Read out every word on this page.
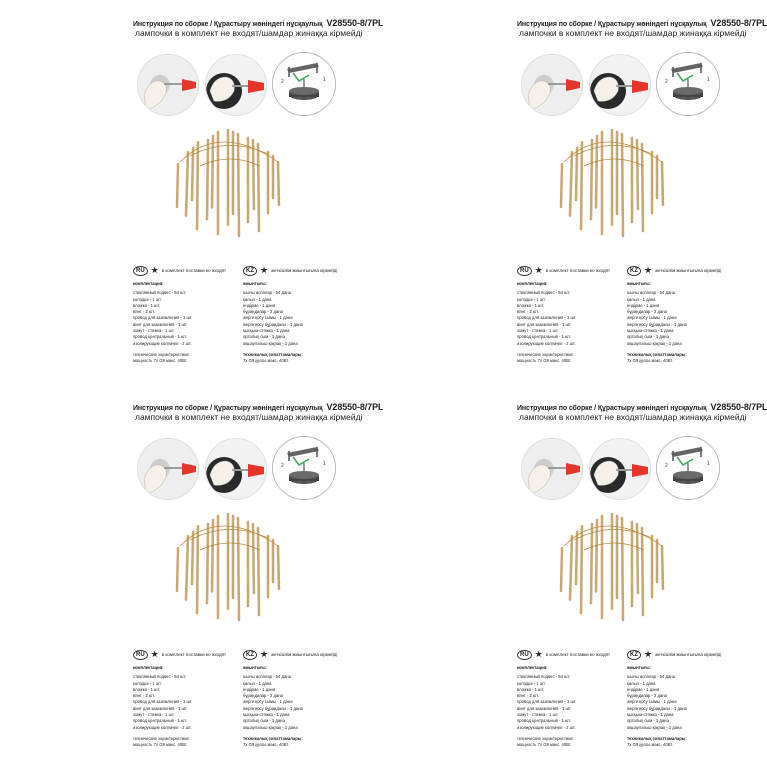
Инструкция по сборке / Құрастыру жөніндегі нұсқаулық V28550-8/7PL
лампочки в комплект не входят/шамдар жинаққа кірмейді
2	1
RU ★ в комплект поставки не входят	KZ ★ жеткізілім жиынтығына кірмейді
комплектация:
стеклянный подвес - 54 шт.
колодка - 1 шт.
вложка - 1 шт.
винт - 2 шт.
провод для заземления - 1 шт.
винт для заземления - 1 шт.
хомут - стяжка - 1 шт.
провод центральный - 1 шт.
изолирующие колпачки - 2 шт.
технические характеристики:
мощность 7х G9 макс. 40Вт.
жиынтығы:
шыны аспалар - 54 дана
қалып - 1 дана
ендірме - 1 дана
бұрандалар - 2 дана
жерге қосу сымы - 1 дана
жерге қосу бұрандасы - 1 дана
қысқыш-стяжка - 1 дана
орталық сым - 1 дана
оқшаулағыш қақпақ - 2 дана
техникалық сипаттамалары:
7х G9 қуаты макс. 40Вт.
Инструкция по сборке / Құрастыру жөніндегі нұсқаулық V28550-8/7PL
лампочки в комплект не входят/шамдар жинаққа кірмейді
2	1
RU ★ в комплект поставки не входят	KZ ★ жеткізілім жиынтығына кірмейді
комплектация:
стеклянный подвес - 54 шт.
колодка - 1 шт.
вложка - 1 шт.
винт - 2 шт.
провод для заземления - 1 шт.
винт для заземления - 1 шт.
хомут - стяжка - 1 шт.
провод центральный - 1 шт.
изолирующие колпачки - 2 шт.
технические характеристики:
мощность 7х G9 макс. 40Вт.
жиынтығы:
шыны аспалар - 54 дана
қалып - 1 дана
ендірме - 1 дана
бұрандалар - 2 дана
жерге қосу сымы - 1 дана
жерге қосу бұрандасы - 1 дана
қысқыш-стяжка - 1 дана
орталық сым - 1 дана
оқшаулағыш қақпақ - 2 дана
техникалық сипаттамалары:
7х G9 қуаты макс. 40Вт.
Инструкция по сборке / Құрастыру жөніндегі нұсқаулық V28550-8/7PL
лампочки в комплект не входят/шамдар жинаққа кірмейді
2	1
RU ★ в комплект поставки не входят	KZ ★ жеткізілім жиынтығына кірмейді
комплектация:
стеклянный подвес - 54 шт.
колодка - 1 шт.
вложка - 1 шт.
винт - 2 шт.
провод для заземления - 1 шт.
винт для заземления - 1 шт.
хомут - стяжка - 1 шт.
провод центральный - 1 шт.
изолирующие колпачки - 2 шт.
технические характеристики:
мощность 7х G9 макс. 40Вт.
жиынтығы:
шыны аспалар - 54 дана
қалып - 1 дана
ендірме - 1 дана
бұрандалар - 2 дана
жерге қосу сымы - 1 дана
жерге қосу бұрандасы - 1 дана
қысқыш-стяжка - 1 дана
орталық сым - 1 дана
оқшаулағыш қақпақ - 2 дана
техникалық сипаттамалары:
7х G9 қуаты макс. 40Вт.
Инструкция по сборке / Құрастыру жөніндегі нұсқаулық V28550-8/7PL
лампочки в комплект не входят/шамдар жинаққа кірмейді
2	1
RU ★ в комплект поставки не входят	KZ ★ жеткізілім жиынтығына кірмейді
комплектация:
стеклянный подвес - 54 шт.
колодка - 1 шт.
вложка - 1 шт.
винт - 2 шт.
провод для заземления - 1 шт.
винт для заземления - 1 шт.
хомут - стяжка - 1 шт.
провод центральный - 1 шт.
изолирующие колпачки - 2 шт.
технические характеристики:
мощность 7х G9 макс. 40Вт.
жиынтығы:
шыны аспалар - 54 дана
қалып - 1 дана
ендірме - 1 дана
бұрандалар - 2 дана
жерге қосу сымы - 1 дана
жерге қосу бұрандасы - 1 дана
қысқыш-стяжка - 1 дана
орталық сым - 1 дана
оқшаулағыш қақпақ - 2 дана
техникалық сипаттамалары:
7х G9 қуаты макс. 40Вт.
